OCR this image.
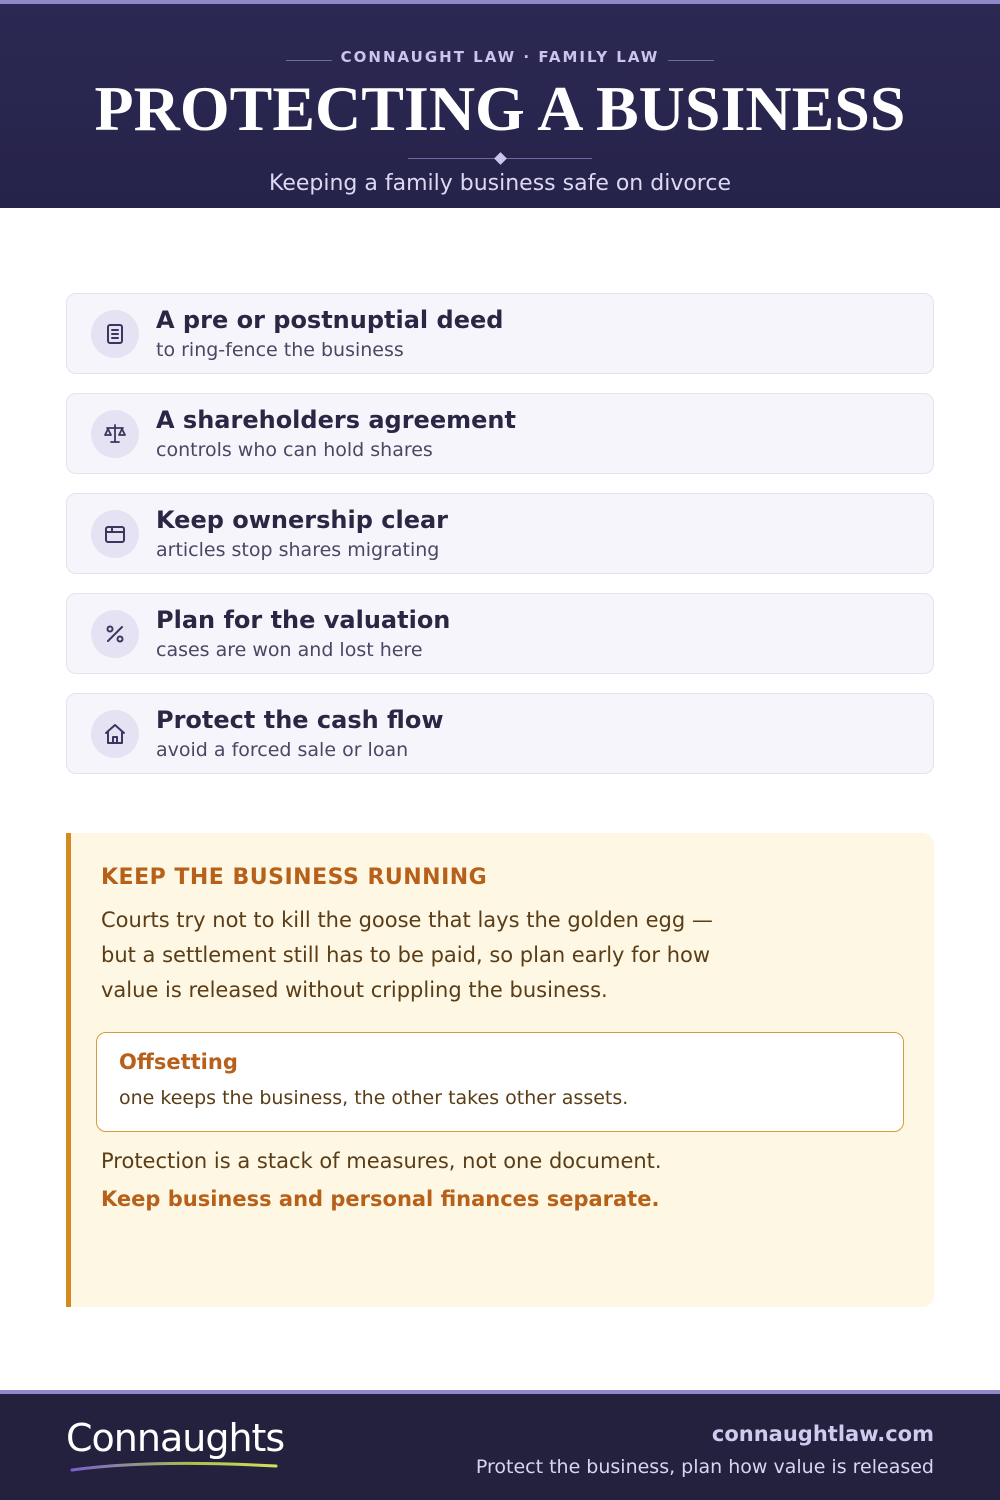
CONNAUGHT LAW · FAMILY LAW
PROTECTING A BUSINESS
Keeping a family business safe on divorce
A pre or postnuptial deed
to ring-fence the business
A shareholders agreement
controls who can hold shares
Keep ownership clear
articles stop shares migrating
Plan for the valuation
cases are won and lost here
Protect the cash flow
avoid a forced sale or loan
KEEP THE BUSINESS RUNNING
Courts try not to kill the goose that lays the golden egg — but a settlement still has to be paid, so plan early for how value is released without crippling the business.
Offsetting
one keeps the business, the other takes other assets.
Protection is a stack of measures, not one document.
Keep business and personal finances separate.
Connaughts	connaughtlaw.com
Protect the business, plan how value is released
